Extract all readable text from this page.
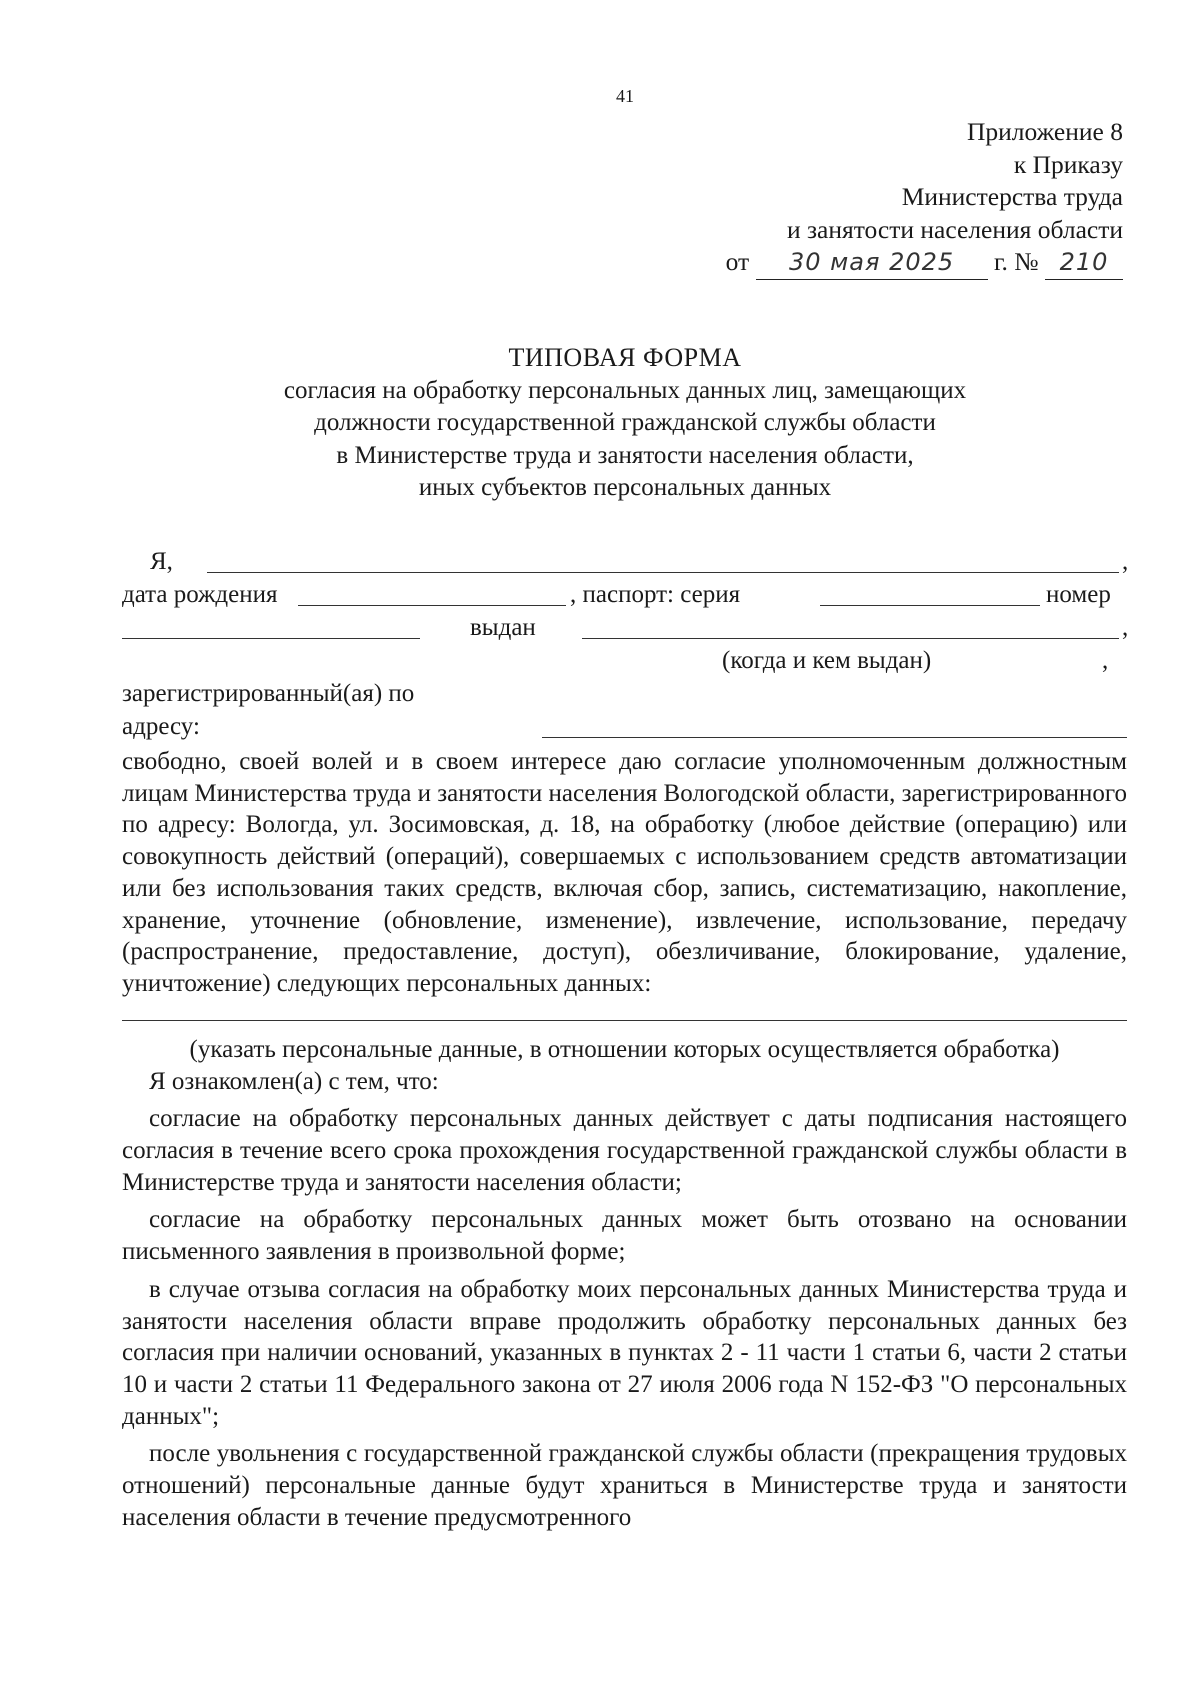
41
Приложение 8
к Приказу
Министерства труда
и занятости населения области
от 30 мая 2025 г. № 210
ТИПОВАЯ ФОРМА
согласия на обработку персональных данных лиц, замещающих
должности государственной гражданской службы области
в Министерстве труда и занятости населения области,
иных субъектов персональных данных
Я,	,
дата рождения	, паспорт: серия	номер
выдан	,
(когда и кем выдан)	,
зарегистрированный(ая) по
адресу:
свободно, своей волей и в своем интересе даю согласие уполномоченным должностным лицам Министерства труда и занятости населения Вологодской области, зарегистрированного по адресу: Вологда, ул. Зосимовская, д. 18, на обработку (любое действие (операцию) или совокупность действий (операций), совершаемых с использованием средств автоматизации или без использования таких средств, включая сбор, запись, систематизацию, накопление, хранение, уточнение (обновление, изменение), извлечение, использование, передачу (распространение, предоставление, доступ), обезличивание, блокирование, удаление, уничтожение) следующих персональных данных:
(указать персональные данные, в отношении которых осуществляется обработка)
Я ознакомлен(а) с тем, что:
согласие на обработку персональных данных действует с даты подписания настоящего согласия в течение всего срока прохождения государственной гражданской службы области в Министерстве труда и занятости населения области;
согласие на обработку персональных данных может быть отозвано на основании письменного заявления в произвольной форме;
в случае отзыва согласия на обработку моих персональных данных Министерства труда и занятости населения области вправе продолжить обработку персональных данных без согласия при наличии оснований, указанных в пунктах 2 - 11 части 1 статьи 6, части 2 статьи 10 и части 2 статьи 11 Федерального закона от 27 июля 2006 года N 152-ФЗ "О персональных данных";
после увольнения с государственной гражданской службы области (прекращения трудовых отношений) персональные данные будут храниться в Министерстве труда и занятости населения области в течение предусмотренного
